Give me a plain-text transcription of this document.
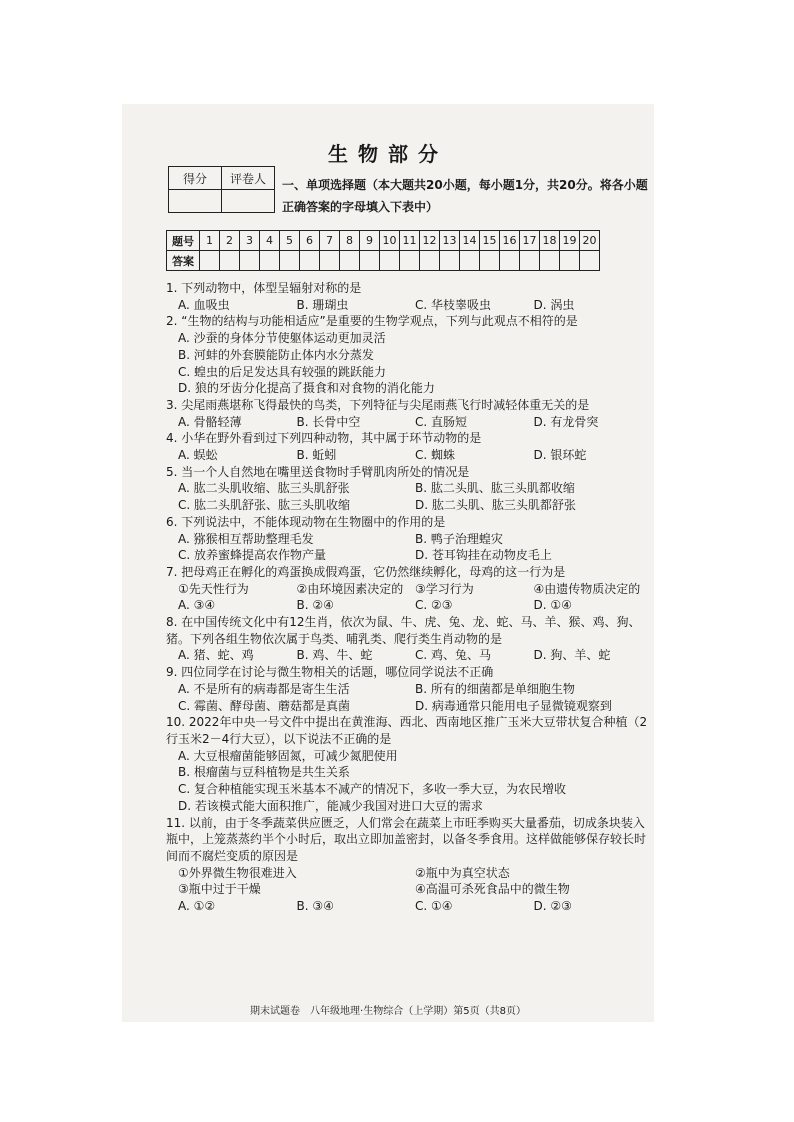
生物部分
得分	评卷人
	一、单项选择题（本大题共20小题，每小题1分，共20分。将各小题正确答案的字母填入下表中）
题号	1	2	3	4	5	6	7	8	9	10	11	12	13	14	15	16	17	18	19	20
答案																				
1. 下列动物中，体型呈辐射对称的是
A. 血吸虫	B. 珊瑚虫	C. 华枝睾吸虫	D. 涡虫
2. “生物的结构与功能相适应”是重要的生物学观点，下列与此观点不相符的是
A. 沙蚕的身体分节使躯体运动更加灵活
B. 河蚌的外套膜能防止体内水分蒸发
C. 蝗虫的后足发达具有较强的跳跃能力
D. 狼的牙齿分化提高了摄食和对食物的消化能力
3. 尖尾雨燕堪称飞得最快的鸟类，下列特征与尖尾雨燕飞行时减轻体重无关的是
A. 骨骼轻薄	B. 长骨中空	C. 直肠短	D. 有龙骨突
4. 小华在野外看到过下列四种动物，其中属于环节动物的是
A. 蜈蚣	B. 蚯蚓	C. 蜘蛛	D. 银环蛇
5. 当一个人自然地在嘴里送食物时手臂肌肉所处的情况是
A. 肱二头肌收缩、肱三头肌舒张	B. 肱二头肌、肱三头肌都收缩
C. 肱二头肌舒张、肱三头肌收缩	D. 肱二头肌、肱三头肌都舒张
6. 下列说法中，不能体现动物在生物圈中的作用的是
A. 猕猴相互帮助整理毛发	B. 鸭子治理蝗灾
C. 放养蜜蜂提高农作物产量	D. 苍耳钩挂在动物皮毛上
7. 把母鸡正在孵化的鸡蛋换成假鸡蛋，它仍然继续孵化，母鸡的这一行为是
①先天性行为	②由环境因素决定的 ③学习行为	④由遗传物质决定的
A. ③④	B. ②④	C. ②③	D. ①④
8. 在中国传统文化中有12生肖，依次为鼠、牛、虎、兔、龙、蛇、马、羊、猴、鸡、狗、猪。下列各组生物依次属于鸟类、哺乳类、爬行类生肖动物的是
A. 猪、蛇、鸡	B. 鸡、牛、蛇	C. 鸡、兔、马	D. 狗、羊、蛇
9. 四位同学在讨论与微生物相关的话题，哪位同学说法不正确
A. 不是所有的病毒都是寄生生活	B. 所有的细菌都是单细胞生物
C. 霉菌、酵母菌、蘑菇都是真菌	D. 病毒通常只能用电子显微镜观察到
10. 2022年中央一号文件中提出在黄淮海、西北、西南地区推广玉米大豆带状复合种植（2行玉米2－4行大豆），以下说法不正确的是
A. 大豆根瘤菌能够固氮，可减少氮肥使用
B. 根瘤菌与豆科植物是共生关系
C. 复合种植能实现玉米基本不减产的情况下，多收一季大豆，为农民增收
D. 若该模式能大面积推广，能减少我国对进口大豆的需求
11. 以前，由于冬季蔬菜供应匮乏，人们常会在蔬菜上市旺季购买大量番茄，切成条块装入瓶中，上笼蒸蒸约半个小时后，取出立即加盖密封，以备冬季食用。这样做能够保存较长时间而不腐烂变质的原因是
①外界微生物很难进入	②瓶中为真空状态
③瓶中过于干燥	④高温可杀死食品中的微生物
A. ①②	B. ③④	C. ①④	D. ②③
期末试题卷　八年级地理·生物综合（上学期）第5页（共8页）
